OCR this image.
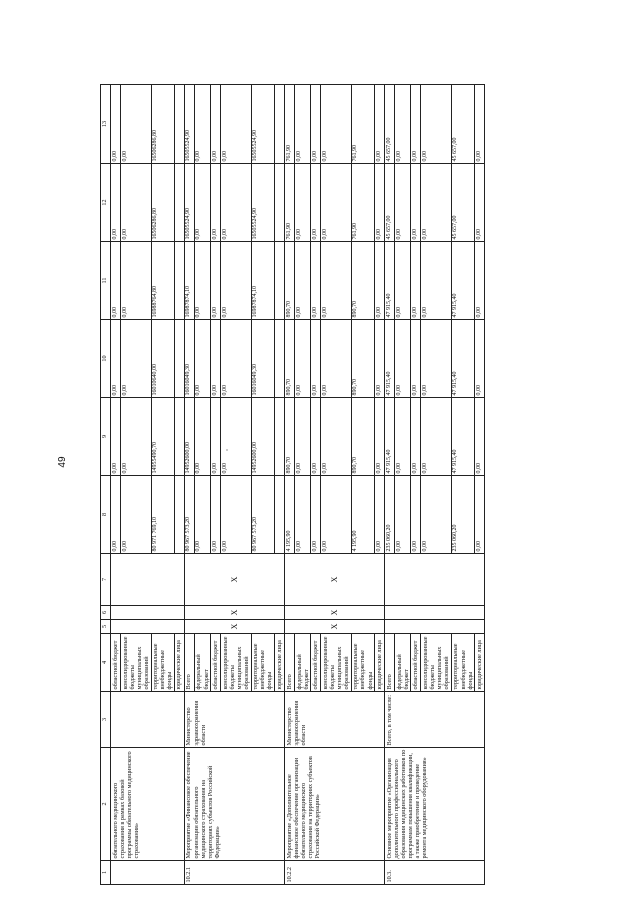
49
1	2	3	4	5	6	7	8	9	10	11	12	13
	обязательного медицинского страхования в рамках базовой программы обязательного медицинского страхования»		областной бюджет				0,00	0,00	0,00	0,00	0,00	0,00
			консолидированные бюджеты муниципальных образований				0,00	0,00	0,00	0,00	0,00	0,00
			территориальные внебюджетные фонды				80 971 769,10	14955490,70	16010640,00	16988764,80	16506286,80	16506286,80
			юридические лица									
10.2.1	Мероприятие «Финансовое обеспечение организации обязательного медицинского страхования на территориях субъектов Российской Федерации»	Министерство здравоохранения области	Всего	X	X	X	80 967 573,20	14952600,00	16016049,30	16987874,10	16505524,90	16505524,90
			федеральный бюджет				0,00	0,00	0,00	0,00	0,00	0,00
			областной бюджет				0,00	0,00	0,00	0,00	0,00	0,00
			консолидированные бюджеты муниципальных образований				0,00	0,00	0,00	0,00	0,00	0,00
			территориальные внебюджетные фонды				80 967 573,20	14952600,00	16016049,30	16987874,10	16505524,90	16505524,90
			юридические лица									
10.2.2	Мероприятие «Дополнительное финансовое обеспечение организации обязательного медицинского страхования на территориях субъектов Российской Федерации»	Министерство здравоохранения области	Всего	X	X	X	4 195,90	890,70	890,70	890,70	761,90	761,90
			федеральный бюджет				0,00	0,00	0,00	0,00	0,00	0,00
			областной бюджет				0,00	0,00	0,00	0,00	0,00	0,00
			консолидированные бюджеты муниципальных образований				0,00	0,00	0,00	0,00	0,00	0,00
			территориальные внебюджетные фонды				4 195,90	890,70	890,70	890,70	761,90	761,90
			юридические лица				0,00	0,00	0,00	0,00	0,00	0,00
10.3.	Основное мероприятие «Организация дополнительного профессионального образования медицинских работников по программам повышения квалификации, а также приобретение и проведение ремонта медицинского оборудования»	Всего, в том числе:	Всего				235 060,20	47 915,40	47 915,40	47 915,40	45 657,00	45 657,00
			федеральный бюджет				0,00	0,00	0,00	0,00	0,00	0,00
			областной бюджет				0,00	0,00	0,00	0,00	0,00	0,00
			консолидированные бюджеты муниципальных образований				0,00	0,00	0,00	0,00	0,00	0,00
			территориальные внебюджетные фонды				235 060,20	47 915,40	47 915,40	47 915,40	45 657,00	45 657,00
			юридические лица				0,00	0,00	0,00	0,00	0,00	0,00
